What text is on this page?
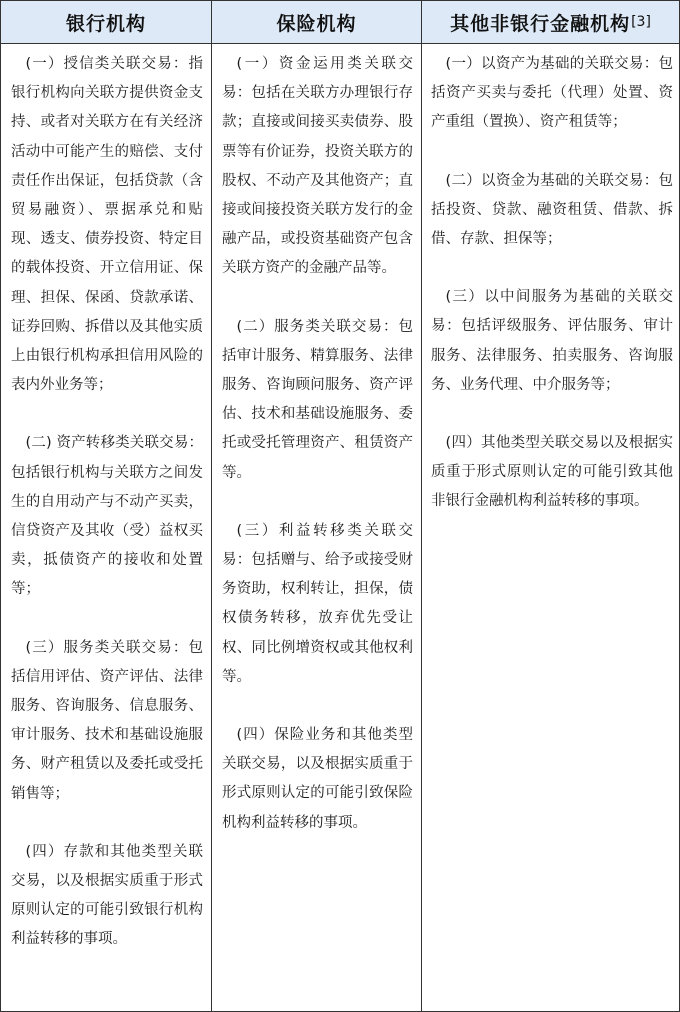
银行机构

(一）授信类关联交易：指银行机构向关联方提供资金支持、或者对关联方在有关经济活动中可能产生的赔偿、支付责任作出保证，包括贷款（含贸易融资）、票据承兑和贴现、透支、债券投资、特定目的载体投资、开立信用证、保理、担保、保函、贷款承诺、证券回购、拆借以及其他实质上由银行机构承担信用风险的表内外业务等；

(二) 资产转移类关联交易：包括银行机构与关联方之间发生的自用动产与不动产买卖，信贷资产及其收（受）益权买卖，抵债资产的接收和处置等；

(三）服务类关联交易：包括信用评估、资产评估、法律服务、咨询服务、信息服务、审计服务、技术和基础设施服务、财产租赁以及委托或受托销售等；

(四）存款和其他类型关联交易，以及根据实质重于形式原则认定的可能引致银行机构利益转移的事项。

保险机构

(一）资金运用类关联交易：包括在关联方办理银行存款；直接或间接买卖债券、股票等有价证券，投资关联方的股权、不动产及其他资产；直接或间接投资关联方发行的金融产品，或投资基础资产包含关联方资产的金融产品等。

(二）服务类关联交易：包括审计服务、精算服务、法律服务、咨询顾问服务、资产评估、技术和基础设施服务、委托或受托管理资产、租赁资产等。

(三）利益转移类关联交易：包括赠与、给予或接受财务资助，权利转让，担保，债权债务转移，放弃优先受让权、同比例增资权或其他权利等。

(四）保险业务和其他类型关联交易，以及根据实质重于形式原则认定的可能引致保险机构利益转移的事项。

其他非银行金融机构 [3]

(一）以资产为基础的关联交易：包括资产买卖与委托（代理）处置、资产重组（置换）、资产租赁等；

(二）以资金为基础的关联交易：包括投资、贷款、融资租赁、借款、拆借、存款、担保等；

(三）以中间服务为基础的关联交易：包括评级服务、评估服务、审计服务、法律服务、拍卖服务、咨询服务、业务代理、中介服务等；

(四）其他类型关联交易以及根据实质重于形式原则认定的可能引致其他非银行金融机构利益转移的事项。
